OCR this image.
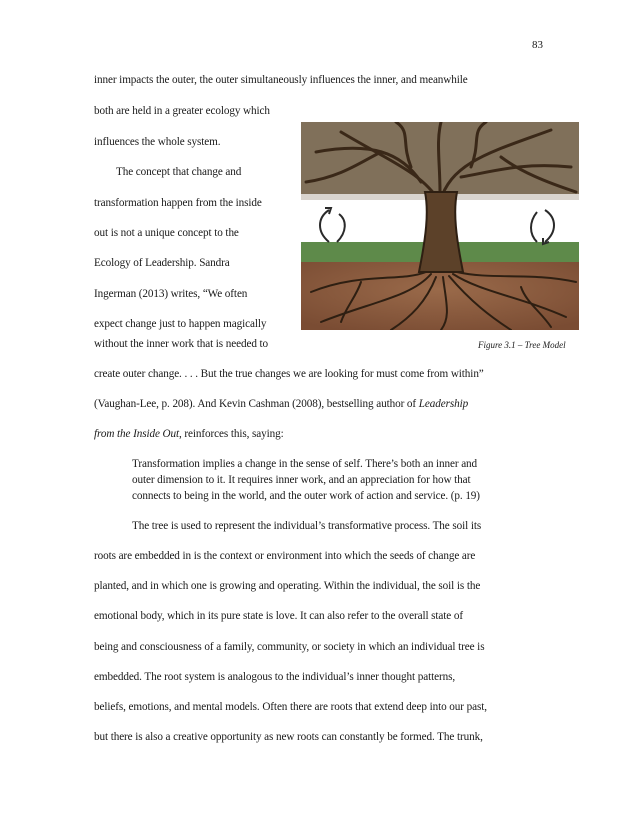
83
inner impacts the outer, the outer simultaneously influences the inner, and meanwhile
both are held in a greater ecology which
influences the whole system.
The concept that change and
transformation happen from the inside
out is not a unique concept to the
Ecology of Leadership. Sandra
Ingerman (2013) writes, “We often
expect change just to happen magically
without the inner work that is needed to	Figure 3.1 – Tree Model
create outer change. . . . But the true changes we are looking for must come from within”
(Vaughan-Lee, p. 208). And Kevin Cashman (2008), bestselling author of Leadership
from the Inside Out, reinforces this, saying:
Transformation implies a change in the sense of self. There’s both an inner and
outer dimension to it. It requires inner work, and an appreciation for how that
connects to being in the world, and the outer work of action and service. (p. 19)
The tree is used to represent the individual’s transformative process. The soil its
roots are embedded in is the context or environment into which the seeds of change are
planted, and in which one is growing and operating. Within the individual, the soil is the
emotional body, which in its pure state is love. It can also refer to the overall state of
being and consciousness of a family, community, or society in which an individual tree is
embedded. The root system is analogous to the individual’s inner thought patterns,
beliefs, emotions, and mental models. Often there are roots that extend deep into our past,
but there is also a creative opportunity as new roots can constantly be formed. The trunk,
